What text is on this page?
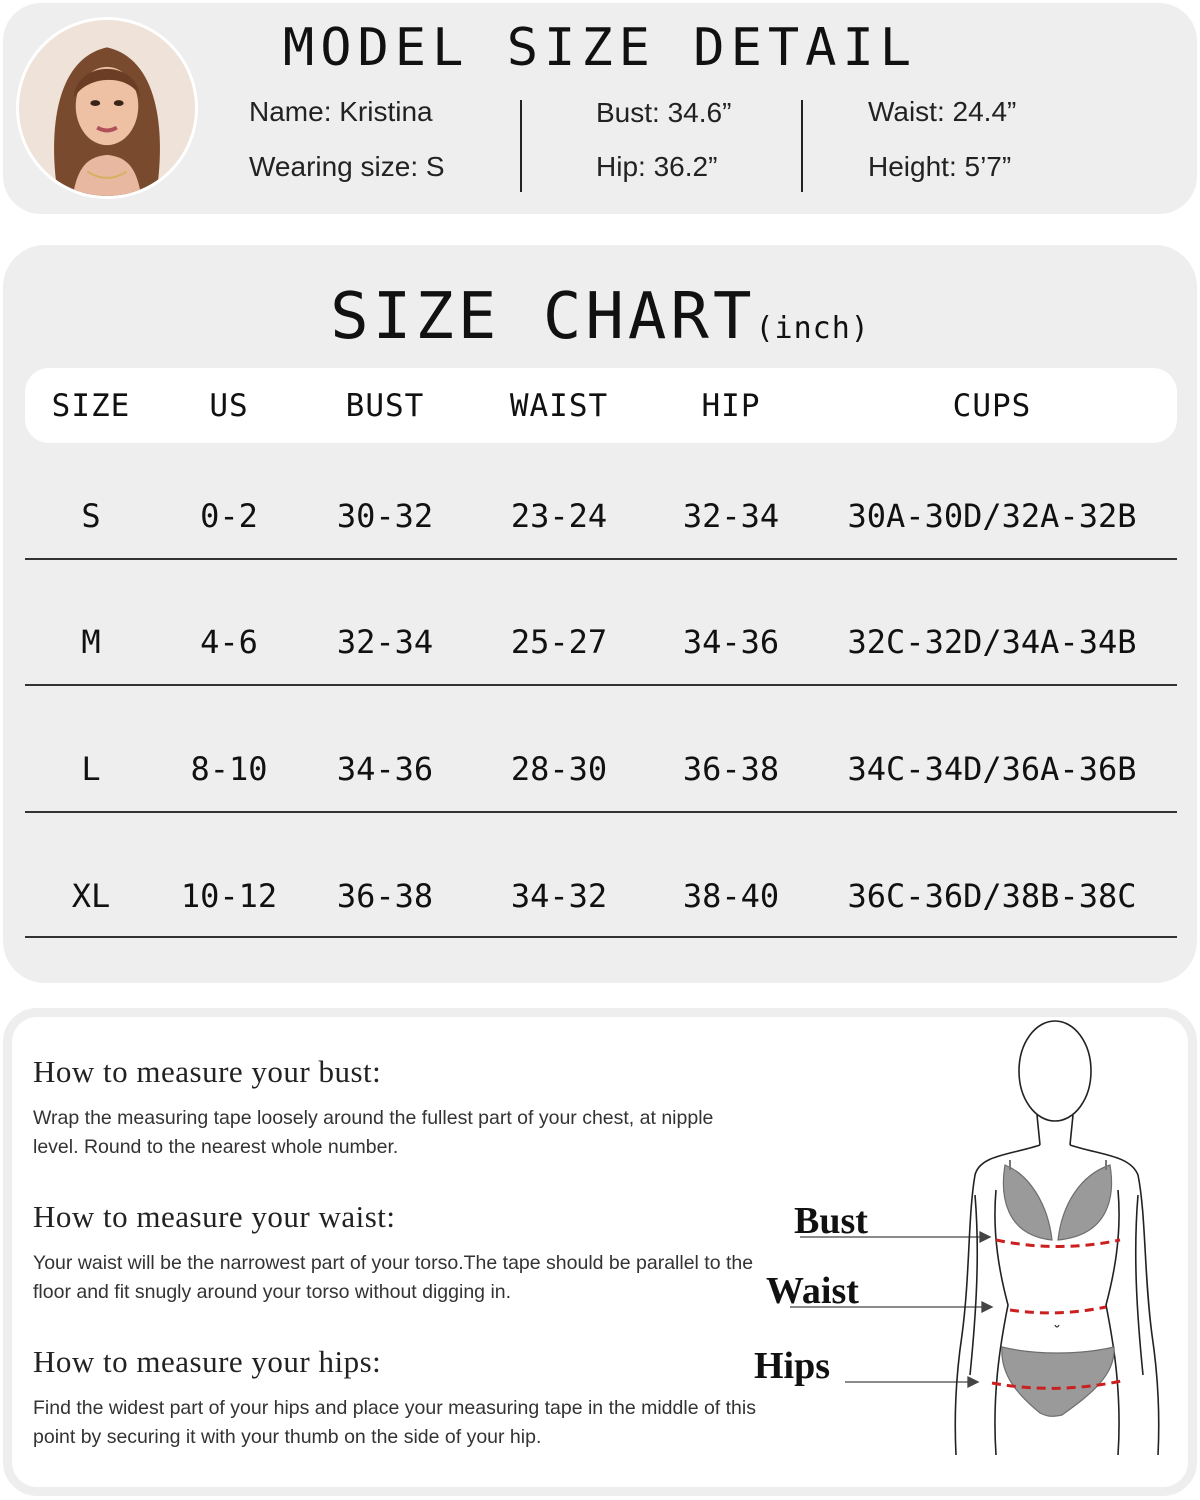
MODEL SIZE DETAIL
Name: Kristina
Wearing size: S
Bust: 34.6”
Hip: 36.2”
Waist: 24.4”
Height: 5’7”
SIZE CHART(inch)
SIZE	US	BUST	WAIST	HIP	CUPS
S	0-2 30-32 23-24 32-34 30A-30D/32A-32B
M	4-6 32-34 25-27 34-36 32C-32D/34A-34B
L	8-10 34-36 28-30 36-38 34C-34D/36A-36B
XL 10-12 36-38 34-32 38-40 36C-36D/38B-38C
How to measure your bust:
Wrap the measuring tape loosely around the fullest part of your chest, at nipple level. Round to the nearest whole number.
How to measure your waist:
Your waist will be the narrowest part of your torso.The tape should be parallel to the floor and fit snugly around your torso without digging in.
How to measure your hips:
Find the widest part of your hips and place your measuring tape in the middle of this point by securing it with your thumb on the side of your hip.
Bust
Waist
Hips
